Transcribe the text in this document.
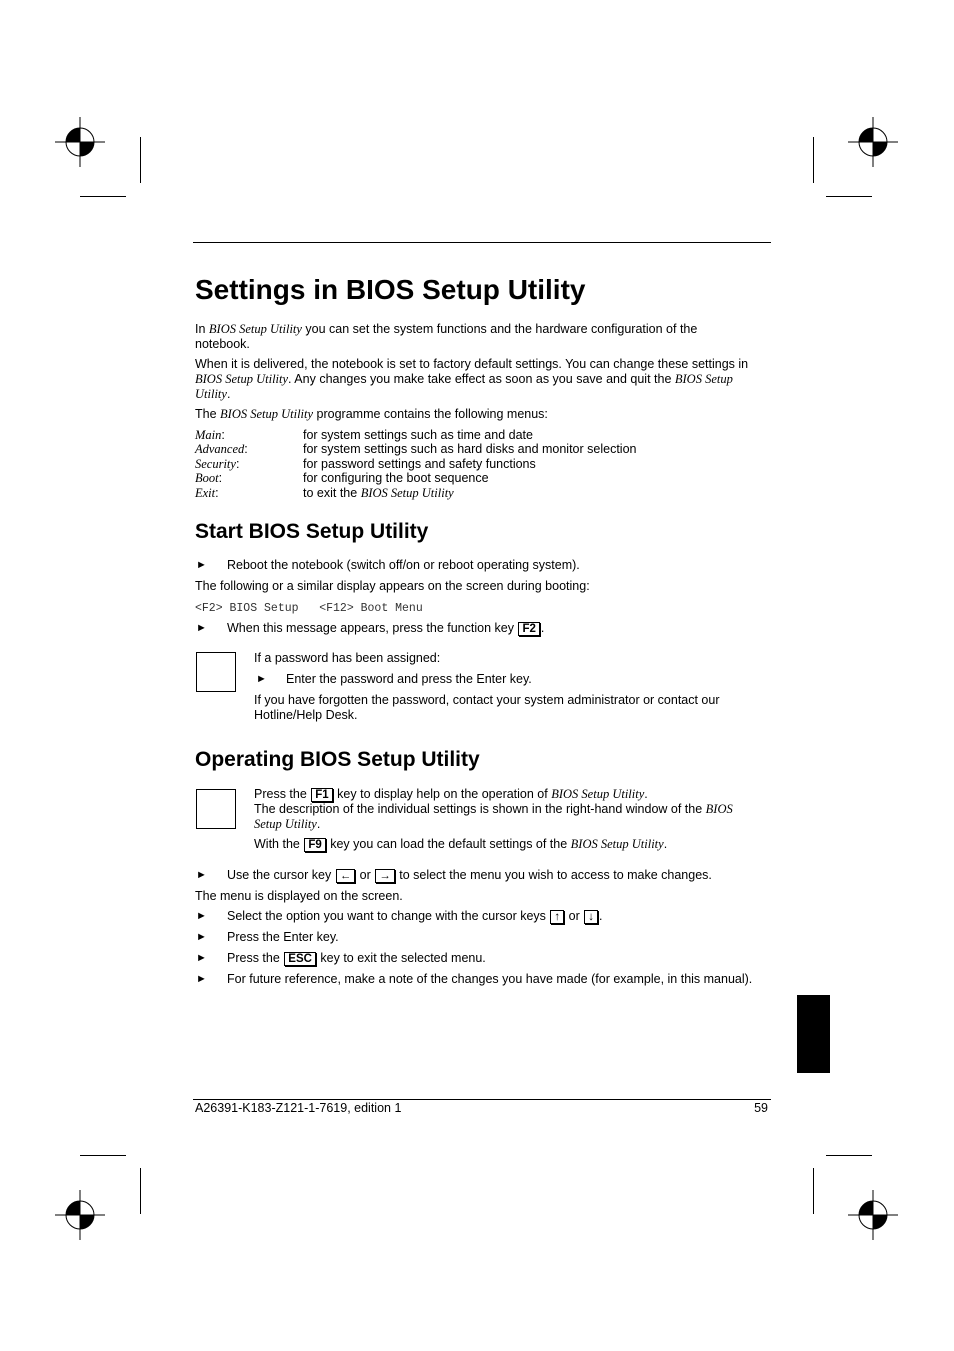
Settings in BIOS Setup Utility
In BIOS Setup Utility you can set the system functions and the hardware configuration of the
notebook.
When it is delivered, the notebook is set to factory default settings. You can change these settings in
BIOS Setup Utility. Any changes you make take effect as soon as you save and quit the BIOS Setup
Utility.
The BIOS Setup Utility programme contains the following menus:
Main:	for system settings such as time and date
Advanced:	for system settings such as hard disks and monitor selection
Security:	for password settings and safety functions
Boot:	for configuring the boot sequence
Exit:	to exit the BIOS Setup Utility
Start BIOS Setup Utility
► Reboot the notebook (switch off/on or reboot operating system).
The following or a similar display appears on the screen during booting:
<F2> BIOS Setup   <F12> Boot Menu
► When this message appears, press the function key F2 .
If a password has been assigned:
► Enter the password and press the Enter key.
If you have forgotten the password, contact your system administrator or contact our
Hotline/Help Desk.
Operating BIOS Setup Utility
Press the F1 key to display help on the operation of BIOS Setup Utility.
The description of the individual settings is shown in the right-hand window of the BIOS
Setup Utility.
With the F9 key you can load the default settings of the BIOS Setup Utility.
► Use the cursor key ← or → to select the menu you wish to access to make changes.
The menu is displayed on the screen.
► Select the option you want to change with the cursor keys ↑ or ↓ .
► Press the Enter key.
► Press the ESC key to exit the selected menu.
► For future reference, make a note of the changes you have made (for example, in this manual).
A26391-K183-Z121-1-7619, edition 1	59
